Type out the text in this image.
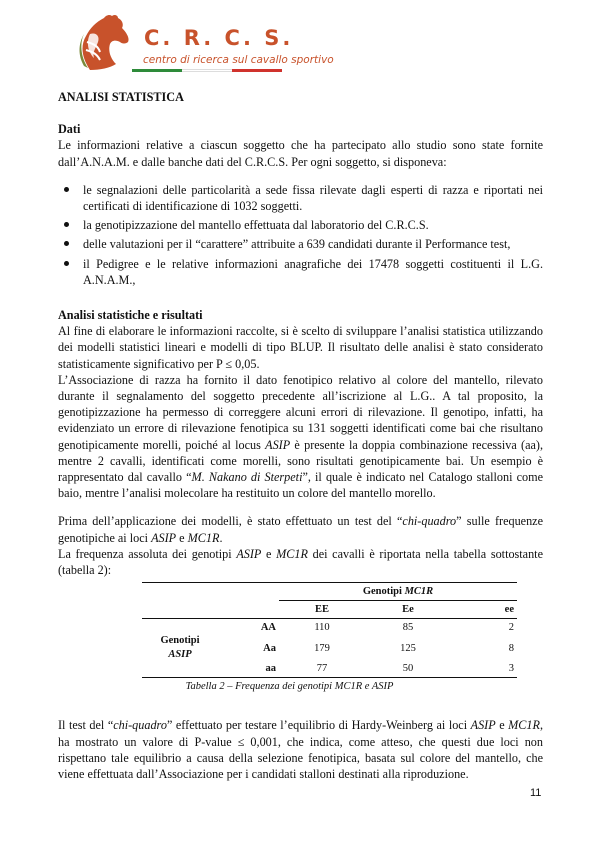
C. R. C. S.
centro di ricerca sul cavallo sportivo
ANALISI STATISTICA
Dati

Le informazioni relative a ciascun soggetto che ha partecipato allo studio sono state fornite dall’A.N.A.M. e dalle banche dati del C.R.C.S. Per ogni soggetto, si disponeva:

le segnalazioni delle particolarità a sede fissa rilevate dagli esperti di razza e riportati nei certificati di identificazione di 1032 soggetti.
la genotipizzazione del mantello effettuata dal laboratorio del C.R.C.S.
delle valutazioni per il “carattere” attribuite a 639 candidati durante il Performance test,
il Pedigree e le relative informazioni anagrafiche dei 17478 soggetti costituenti il L.G. A.N.A.M.,
Analisi statistiche e risultati

Al fine di elaborare le informazioni raccolte, si è scelto di sviluppare l’analisi statistica utilizzando dei modelli statistici lineari e modelli di tipo BLUP. Il risultato delle analisi è stato considerato statisticamente significativo per P ≤ 0,05.

L’Associazione di razza ha fornito il dato fenotipico relativo al colore del mantello, rilevato durante il segnalamento del soggetto precedente all’iscrizione al L.G.. A tal proposito, la genotipizzazione ha permesso di correggere alcuni errori di rilevazione. Il genotipo, infatti, ha evidenziato un errore di rilevazione fenotipica su 131 soggetti identificati come bai che risultano genotipicamente morelli, poiché al locus ASIP è presente la doppia combinazione recessiva (aa), mentre 2 cavalli, identificati come morelli, sono risultati genotipicamente bai. Un esempio è rappresentato dal cavallo “M. Nakano di Sterpeti”, il quale è indicato nel Catalogo stalloni come baio, mentre l’analisi molecolare ha restituito un colore del mantello morello.

Prima dell’applicazione dei modelli, è stato effettuato un test del “chi-quadro” sulle frequenze genotipiche ai loci ASIP e MC1R.

La frequenza assoluta dei genotipi ASIP e MC1R dei cavalli è riportata nella tabella sottostante (tabella 2):

		Genotipi MC1R		
		EE	Ee	ee
Genotipi
ASIP	AA	110	85	2
	Aa	179	125	8
	aa	77	50	3
Tabella 2 – Frequenza dei genotipi MC1R e ASIP

Il test del “chi-quadro” effettuato per testare l’equilibrio di Hardy-Weinberg ai loci ASIP e MC1R, ha mostrato un valore di P-value ≤ 0,001, che indica, come atteso, che questi due loci non rispettano tale equilibrio a causa della selezione fenotipica, basata sul colore del mantello, che viene effettuata dall’Associazione per i candidati stalloni destinati alla riproduzione.

11
